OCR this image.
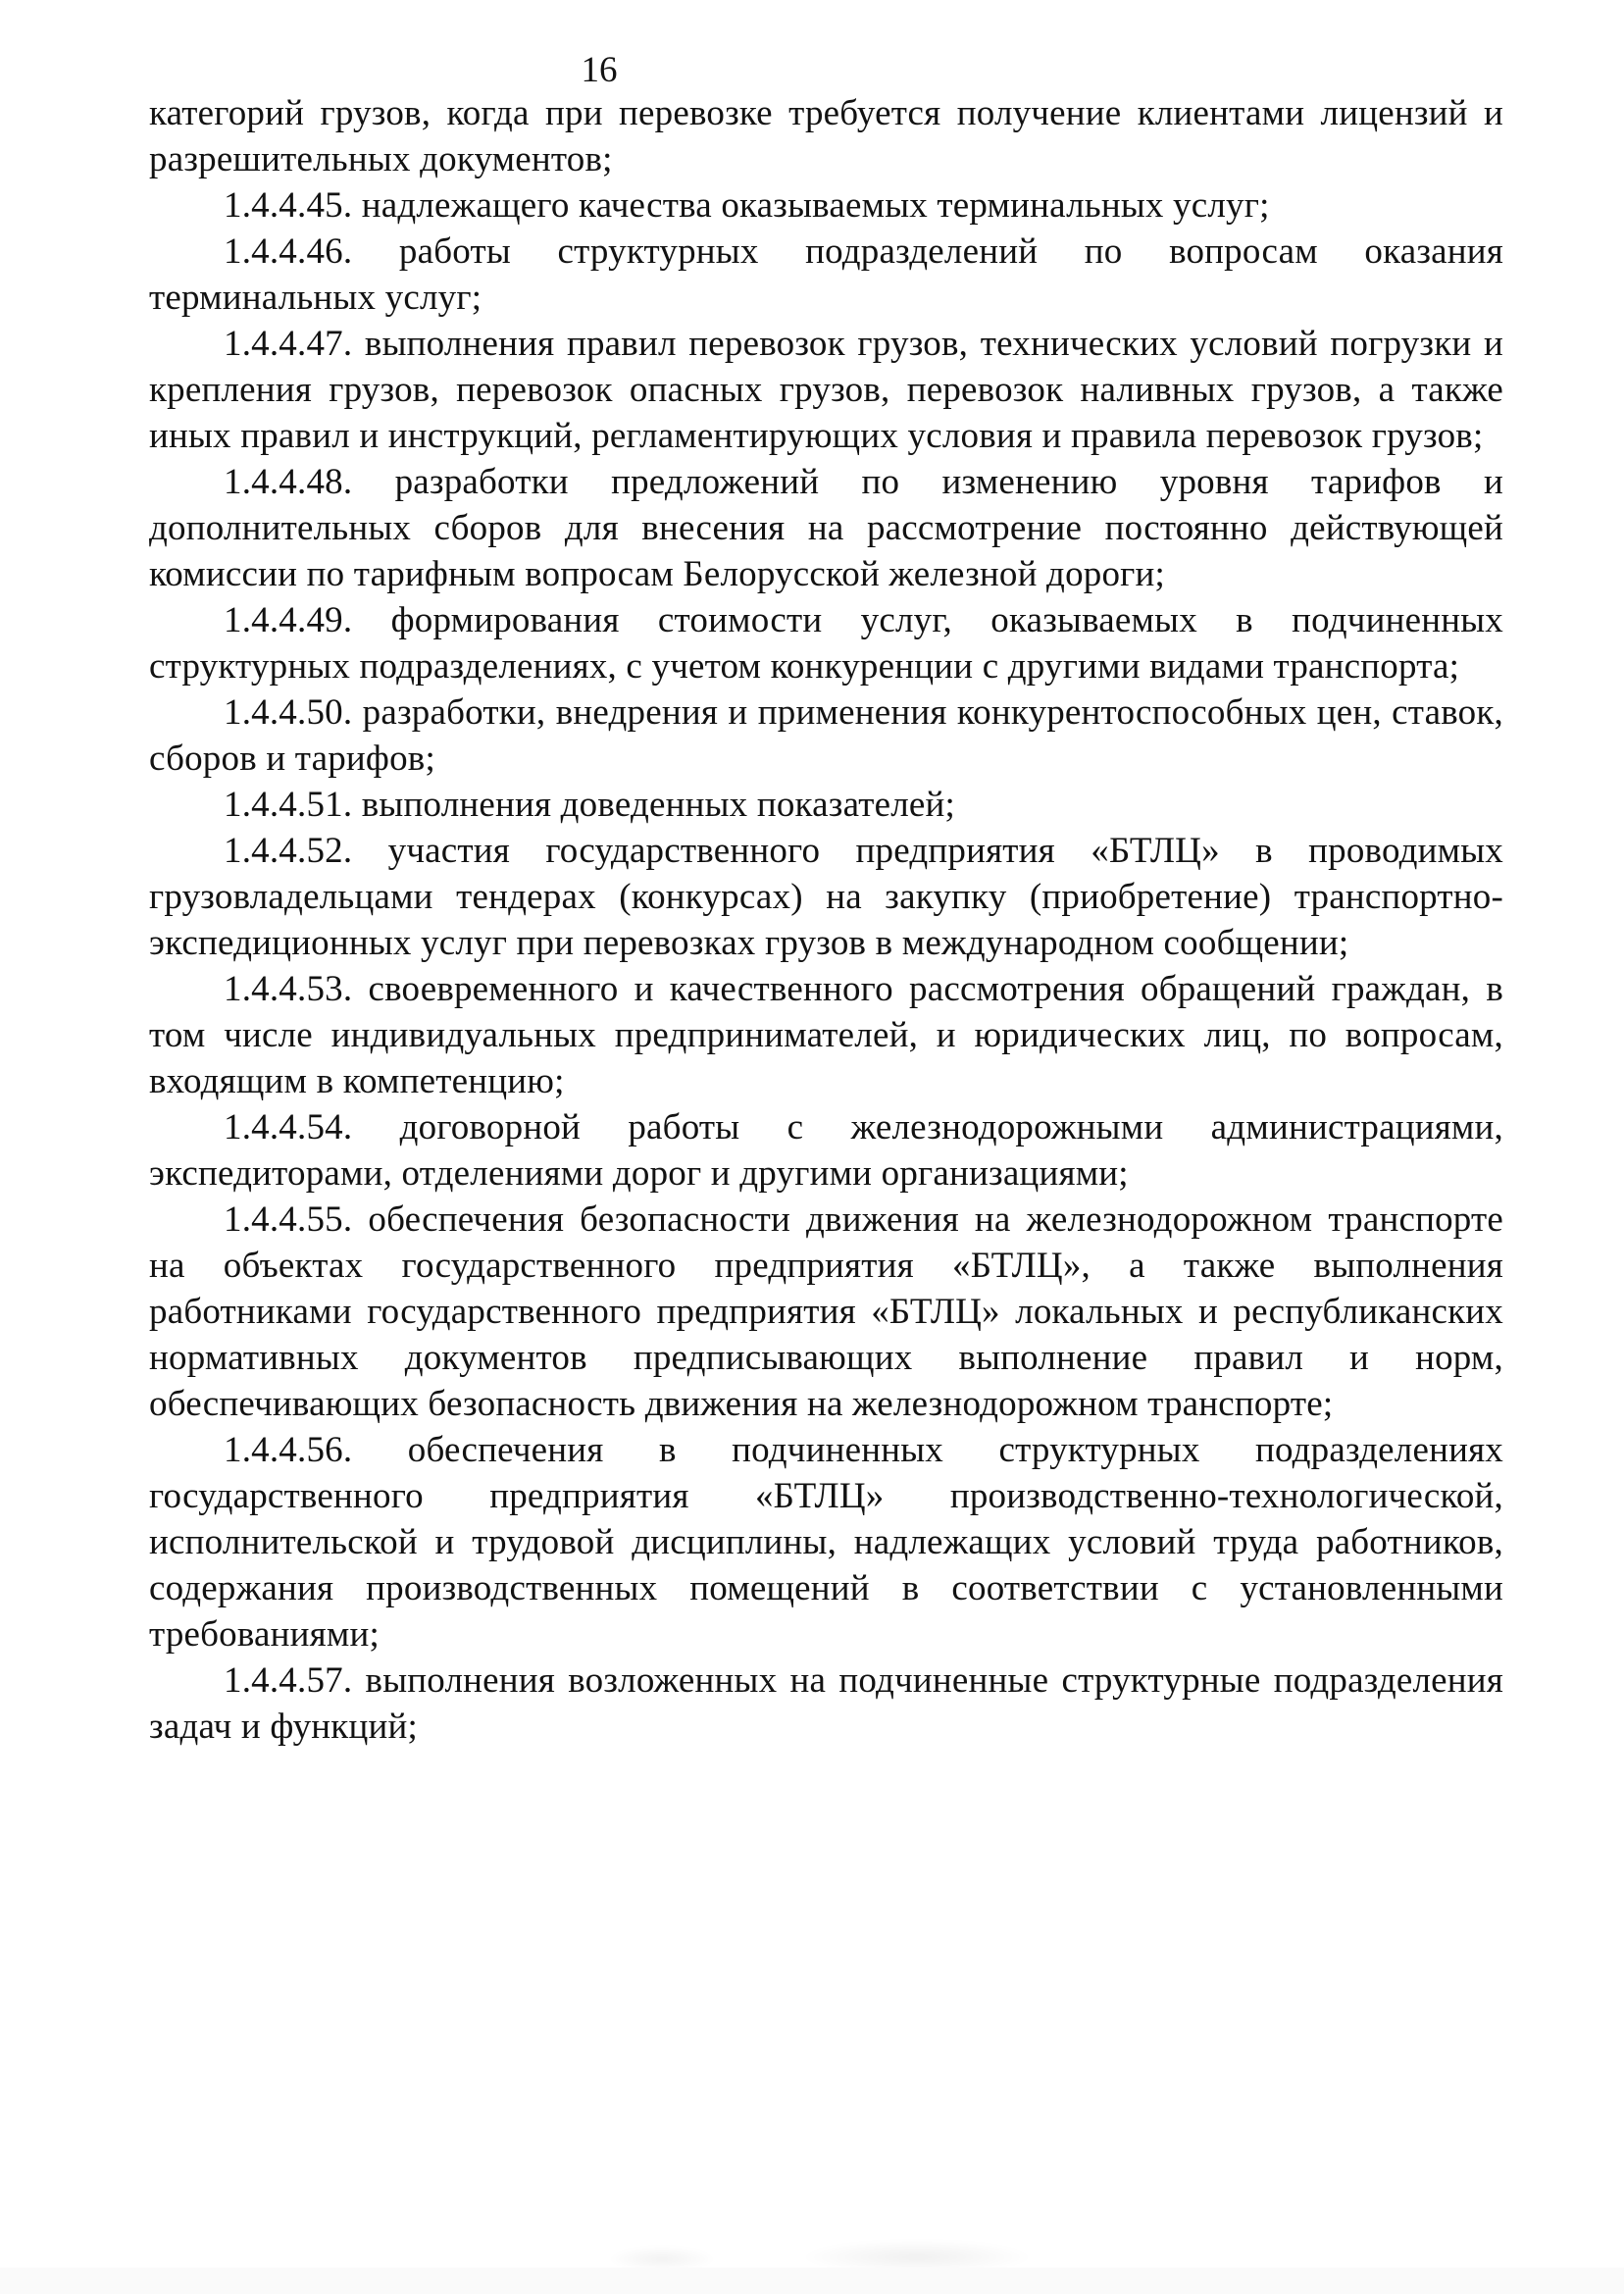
16

категорий грузов, когда при перевозке требуется получение клиентами лицензий и разрешительных документов;

1.4.4.45. надлежащего качества оказываемых терминальных услуг;

1.4.4.46. работы структурных подразделений по вопросам оказания терминальных услуг;

1.4.4.47. выполнения правил перевозок грузов, технических условий погрузки и крепления грузов, перевозок опасных грузов, перевозок наливных грузов, а также иных правил и инструкций, регламентирующих условия и правила перевозок грузов;

1.4.4.48. разработки предложений по изменению уровня тарифов и дополнительных сборов для внесения на рассмотрение постоянно действующей комиссии по тарифным вопросам Белорусской железной дороги;

1.4.4.49. формирования стоимости услуг, оказываемых в подчиненных структурных подразделениях, с учетом конкуренции с другими видами транспорта;

1.4.4.50. разработки, внедрения и применения конкурентоспособных цен, ставок, сборов и тарифов;

1.4.4.51. выполнения доведенных показателей;

1.4.4.52. участия государственного предприятия «БТЛЦ» в проводимых грузовладельцами тендерах (конкурсах) на закупку (приобретение) транспортно-экспедиционных услуг при перевозках грузов в международном сообщении;

1.4.4.53. своевременного и качественного рассмотрения обращений граждан, в том числе индивидуальных предпринимателей, и юридических лиц, по вопросам, входящим в компетенцию;

1.4.4.54. договорной работы с железнодорожными администрациями, экспедиторами, отделениями дорог и другими организациями;

1.4.4.55. обеспечения безопасности движения на железнодорожном транспорте на объектах государственного предприятия «БТЛЦ», а также выполнения работниками государственного предприятия «БТЛЦ» локальных и республиканских нормативных документов предписывающих выполнение правил и норм, обеспечивающих безопасность движения на железнодорожном транспорте;

1.4.4.56. обеспечения в подчиненных структурных подразделениях государственного предприятия «БТЛЦ» производственно-технологической, исполнительской и трудовой дисциплины, надлежащих условий труда работников, содержания производственных помещений в соответствии с установленными требованиями;

1.4.4.57. выполнения возложенных на подчиненные структурные подразделения задач и функций;
